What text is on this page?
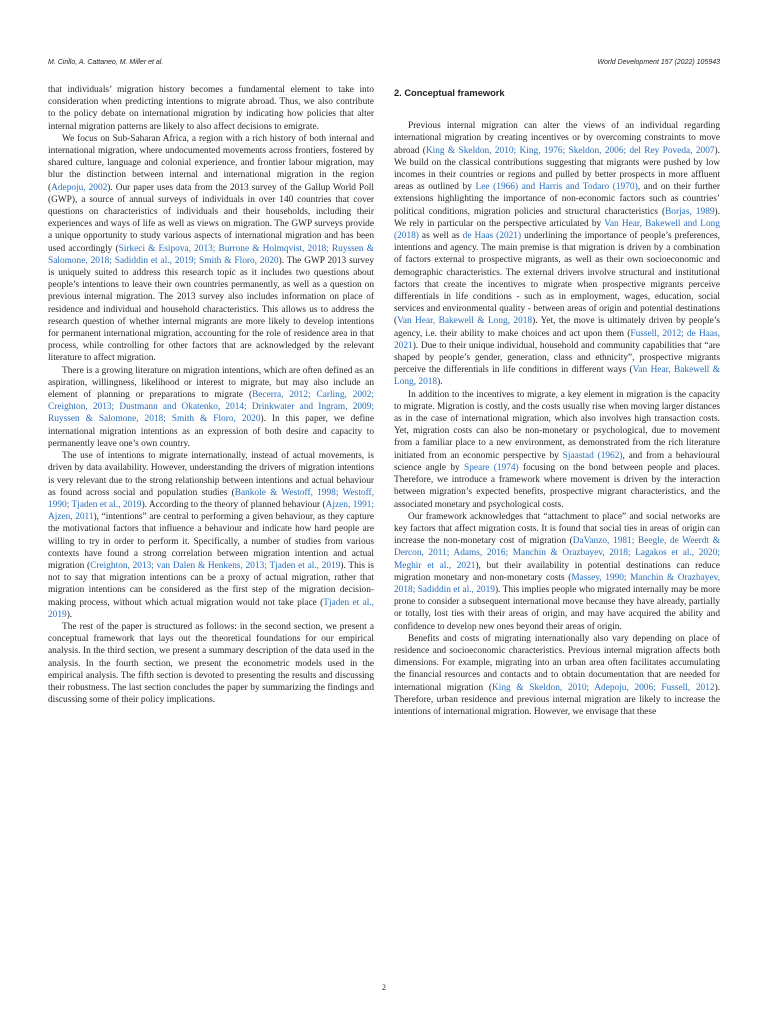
M. Cirillo, A. Cattaneo, M. Miller et al.	World Development 157 (2022) 105943

that individuals’ migration history becomes a fundamental element to take into consideration when predicting intentions to migrate abroad. Thus, we also contribute to the policy debate on international migration by indicating how policies that alter internal migration patterns are likely to also affect decisions to emigrate.

We focus on Sub-Saharan Africa, a region with a rich history of both internal and international migration, where undocumented movements across frontiers, fostered by shared culture, language and colonial experience, and frontier labour migration, may blur the distinction between internal and international migration in the region (Adepoju, 2002). Our paper uses data from the 2013 survey of the Gallup World Poll (GWP), a source of annual surveys of individuals in over 140 countries that cover questions on characteristics of individuals and their households, including their experiences and ways of life as well as views on migration. The GWP surveys provide a unique opportunity to study various aspects of international migration and has been used accordingly (Sirkeci & Esipova, 2013; Burrone & Holmqvist, 2018; Ruyssen & Salomone, 2018; Sadiddin et al., 2019; Smith & Floro, 2020). The GWP 2013 survey is uniquely suited to address this research topic as it includes two questions about people’s intentions to leave their own countries permanently, as well as a question on previous internal migration. The 2013 survey also includes information on place of residence and individual and household characteristics. This allows us to address the research question of whether internal migrants are more likely to develop intentions for permanent international migration, accounting for the role of residence area in that process, while controlling for other factors that are acknowledged by the relevant literature to affect migration.

There is a growing literature on migration intentions, which are often defined as an aspiration, willingness, likelihood or interest to migrate, but may also include an element of planning or preparations to migrate (Becerra, 2012; Carling, 2002; Creighton, 2013; Dustmann and Okatenko, 2014; Drinkwater and Ingram, 2009; Ruyssen & Salomone, 2018; Smith & Floro, 2020). In this paper, we define international migration intentions as an expression of both desire and capacity to permanently leave one’s own country.

The use of intentions to migrate internationally, instead of actual movements, is driven by data availability. However, understanding the drivers of migration intentions is very relevant due to the strong relationship between intentions and actual behaviour as found across social and population studies (Bankole & Westoff, 1998; Westoff, 1990; Tjaden et al., 2019). According to the theory of planned behaviour (Ajzen, 1991; Ajzen, 2011), “intentions” are central to performing a given behaviour, as they capture the motivational factors that influence a behaviour and indicate how hard people are willing to try in order to perform it. Specifically, a number of studies from various contexts have found a strong correlation between migration intention and actual migration (Creighton, 2013; van Dalen & Henkens, 2013; Tjaden et al., 2019). This is not to say that migration intentions can be a proxy of actual migration, rather that migration intentions can be considered as the first step of the migration decision-making process, without which actual migration would not take place (Tjaden et al., 2019).

The rest of the paper is structured as follows: in the second section, we present a conceptual framework that lays out the theoretical foundations for our empirical analysis. In the third section, we present a summary description of the data used in the analysis. In the fourth section, we present the econometric models used in the empirical analysis. The fifth section is devoted to presenting the results and discussing their robustness. The last section concludes the paper by summarizing the findings and discussing some of their policy implications.

2. Conceptual framework

Previous internal migration can alter the views of an individual regarding international migration by creating incentives or by overcoming constraints to move abroad (King & Skeldon, 2010; King, 1976; Skeldon, 2006; del Rey Poveda, 2007). We build on the classical contributions suggesting that migrants were pushed by low incomes in their countries or regions and pulled by better prospects in more affluent areas as outlined by Lee (1966) and Harris and Todaro (1970), and on their further extensions highlighting the importance of non-economic factors such as countries’ political conditions, migration policies and structural characteristics (Borjas, 1989). We rely in particular on the perspective articulated by Van Hear, Bakewell and Long (2018) as well as de Haas (2021) underlining the importance of people’s preferences, intentions and agency. The main premise is that migration is driven by a combination of factors external to prospective migrants, as well as their own socioeconomic and demographic characteristics. The external drivers involve structural and institutional factors that create the incentives to migrate when prospective migrants perceive differentials in life conditions - such as in employment, wages, education, social services and environmental quality - between areas of origin and potential destinations (Van Hear, Bakewell & Long, 2018). Yet, the move is ultimately driven by people’s agency, i.e. their ability to make choices and act upon them (Fussell, 2012; de Haas, 2021). Due to their unique individual, household and community capabilities that “are shaped by people’s gender, generation, class and ethnicity”, prospective migrants perceive the differentials in life conditions in different ways (Van Hear, Bakewell & Long, 2018).

In addition to the incentives to migrate, a key element in migration is the capacity to migrate. Migration is costly, and the costs usually rise when moving larger distances as in the case of international migration, which also involves high transaction costs. Yet, migration costs can also be non-monetary or psychological, due to movement from a familiar place to a new environment, as demonstrated from the rich literature initiated from an economic perspective by Sjaastad (1962), and from a behavioural science angle by Speare (1974) focusing on the bond between people and places. Therefore, we introduce a framework where movement is driven by the interaction between migration’s expected benefits, prospective migrant characteristics, and the associated monetary and psychological costs.

Our framework acknowledges that “attachment to place” and social networks are key factors that affect migration costs. It is found that social ties in areas of origin can increase the non-monetary cost of migration (DaVanzo, 1981; Beegle, de Weerdt & Dercon, 2011; Adams, 2016; Manchin & Orazbayev, 2018; Lagakos et al., 2020; Meghir et al., 2021), but their availability in potential destinations can reduce migration monetary and non-monetary costs (Massey, 1990; Manchin & Orazbayev, 2018; Sadiddin et al., 2019). This implies people who migrated internally may be more prone to consider a subsequent international move because they have already, partially or totally, lost ties with their areas of origin, and may have acquired the ability and confidence to develop new ones beyond their areas of origin.

Benefits and costs of migrating internationally also vary depending on place of residence and socioeconomic characteristics. Previous internal migration affects both dimensions. For example, migrating into an urban area often facilitates accumulating the financial resources and contacts and to obtain documentation that are needed for international migration (King & Skeldon, 2010; Adepoju, 2006; Fussell, 2012). Therefore, urban residence and previous internal migration are likely to increase the intentions of international migration. However, we envisage that these

2
